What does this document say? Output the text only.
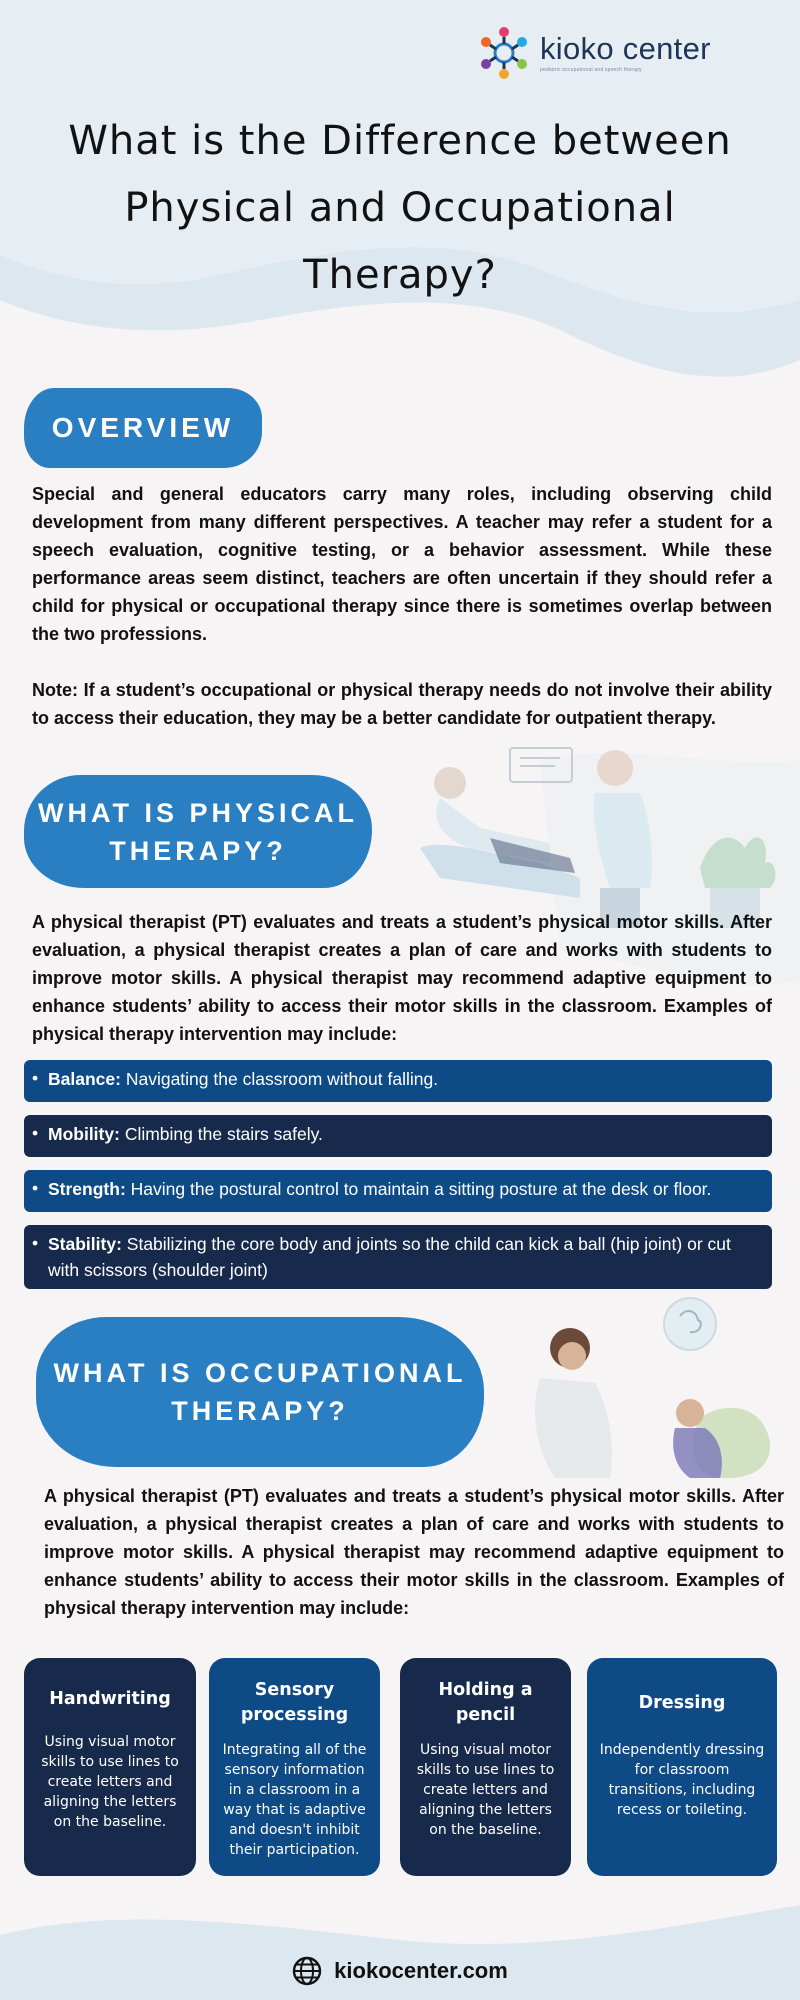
kioko center
pediatric occupational and speech therapy
What is the Difference between Physical and Occupational Therapy?
OVERVIEW

Special and general educators carry many roles, including observing child development from many different perspectives. A teacher may refer a student for a speech evaluation, cognitive testing, or a behavior assessment. While these performance areas seem distinct, teachers are often uncertain if they should refer a child for physical or occupational therapy since there is sometimes overlap between the two professions.

Note: If a student’s occupational or physical therapy needs do not involve their ability to access their education, they may be a better candidate for outpatient therapy.

WHAT IS PHYSICAL THERAPY?

A physical therapist (PT) evaluates and treats a student’s physical motor skills. After evaluation, a physical therapist creates a plan of care and works with students to improve motor skills. A physical therapist may recommend adaptive equipment to enhance students’ ability to access their motor skills in the classroom. Examples of physical therapy intervention may include:

• Balance: Navigating the classroom without falling.
• Mobility: Climbing the stairs safely.
• Strength: Having the postural control to maintain a sitting posture at the desk or floor.
• Stability: Stabilizing the core body and joints so the child can kick a ball (hip joint) or cut with scissors (shoulder joint)
WHAT IS OCCUPATIONAL THERAPY?

A physical therapist (PT) evaluates and treats a student’s physical motor skills. After evaluation, a physical therapist creates a plan of care and works with students to improve motor skills. A physical therapist may recommend adaptive equipment to enhance students’ ability to access their motor skills in the classroom. Examples of physical therapy intervention may include:

Handwriting
Using visual motor skills to use lines to create letters and aligning the letters on the baseline.
Sensory processing
Integrating all of the sensory information in a classroom in a way that is adaptive and doesn't inhibit their participation.
Holding a pencil
Using visual motor skills to use lines to create letters and aligning the letters on the baseline.
Dressing
Independently dressing for classroom transitions, including recess or toileting.
kiokocenter.com
